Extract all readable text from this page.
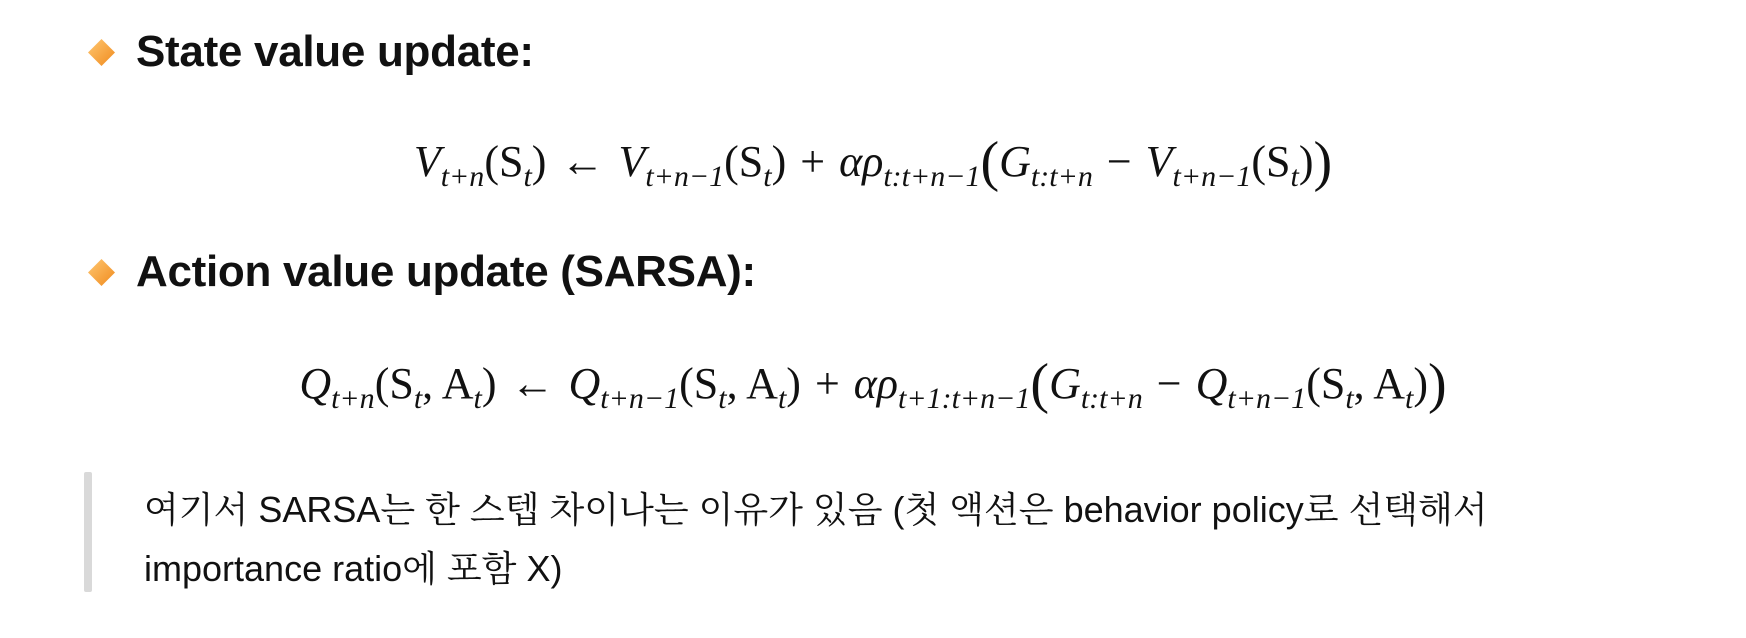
State value update:
$V_{t+n}(S_t)$ ← $V_{t+n-1}(S_t) + \alpha\rho_{t:t+n-1}(G_{t:t+n} - V_{t+n-1}(S_t))$
Action value update (SARSA):
$Q_{t+n}(S_t$, $A_t$) ← $Q_{t+n-1}(S_t$, $A_t) + \alpha\rho_{t+1:t+n-1}(G_{t:t+n} - Q_{t+n-1}(S_t$, $A_t$))
여기서 SARSA는 한 스텝 차이나는 이유가 있음 (첫 액션은 behavior policy로 선택해서
importance ratio에 포함 X)
